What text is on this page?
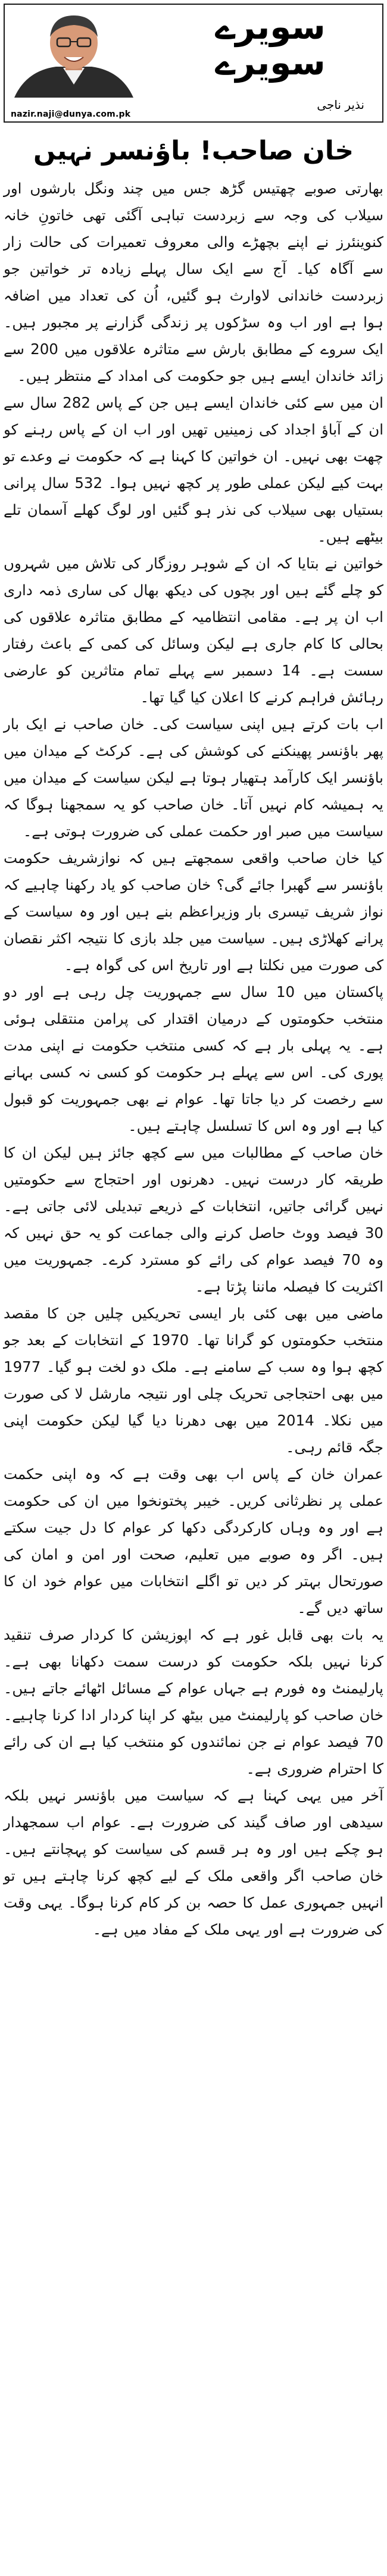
سویرے
سویرے
نذیر ناجی
nazir.naji@dunya.com.pk
خان صاحب! باؤنسر نہیں

بھارتی صوبے چھتیس گڑھ جس میں چند ونگل بارشوں اور سیلاب کی وجہ سے زبردست تباہی آگئی تھی خاتونِ خانہ کنوینئرز نے اپنے بچھڑے والی معروف تعمیرات کی حالت زار سے آگاہ کیا۔ آج سے ایک سال پہلے زیادہ تر خواتین جو زبردست خاندانی لاوارث ہو گئیں، اُن کی تعداد میں اضافہ ہوا ہے اور اب وہ سڑکوں پر زندگی گزارنے پر مجبور ہیں۔ ایک سروے کے مطابق بارش سے متاثرہ علاقوں میں 200 سے زائد خاندان ایسے ہیں جو حکومت کی امداد کے منتظر ہیں۔

ان میں سے کئی خاندان ایسے ہیں جن کے پاس 282 سال سے ان کے آباؤ اجداد کی زمینیں تھیں اور اب ان کے پاس رہنے کو چھت بھی نہیں۔ ان خواتین کا کہنا ہے کہ حکومت نے وعدے تو بہت کیے لیکن عملی طور پر کچھ نہیں ہوا۔ 532 سال پرانی بستیاں بھی سیلاب کی نذر ہو گئیں اور لوگ کھلے آسمان تلے بیٹھے ہیں۔

خواتین نے بتایا کہ ان کے شوہر روزگار کی تلاش میں شہروں کو چلے گئے ہیں اور بچوں کی دیکھ بھال کی ساری ذمہ داری اب ان پر ہے۔ مقامی انتظامیہ کے مطابق متاثرہ علاقوں کی بحالی کا کام جاری ہے لیکن وسائل کی کمی کے باعث رفتار سست ہے۔ 14 دسمبر سے پہلے تمام متاثرین کو عارضی رہائش فراہم کرنے کا اعلان کیا گیا تھا۔

اب بات کرتے ہیں اپنی سیاست کی۔ خان صاحب نے ایک بار پھر باؤنسر پھینکنے کی کوشش کی ہے۔ کرکٹ کے میدان میں باؤنسر ایک کارآمد ہتھیار ہوتا ہے لیکن سیاست کے میدان میں یہ ہمیشہ کام نہیں آتا۔ خان صاحب کو یہ سمجھنا ہوگا کہ سیاست میں صبر اور حکمت عملی کی ضرورت ہوتی ہے۔

کیا خان صاحب واقعی سمجھتے ہیں کہ نوازشریف حکومت باؤنسر سے گھبرا جائے گی؟ خان صاحب کو یاد رکھنا چاہیے کہ نواز شریف تیسری بار وزیراعظم بنے ہیں اور وہ سیاست کے پرانے کھلاڑی ہیں۔ سیاست میں جلد بازی کا نتیجہ اکثر نقصان کی صورت میں نکلتا ہے اور تاریخ اس کی گواہ ہے۔

پاکستان میں 10 سال سے جمہوریت چل رہی ہے اور دو منتخب حکومتوں کے درمیان اقتدار کی پرامن منتقلی ہوئی ہے۔ یہ پہلی بار ہے کہ کسی منتخب حکومت نے اپنی مدت پوری کی۔ اس سے پہلے ہر حکومت کو کسی نہ کسی بہانے سے رخصت کر دیا جاتا تھا۔ عوام نے بھی جمہوریت کو قبول کیا ہے اور وہ اس کا تسلسل چاہتے ہیں۔

خان صاحب کے مطالبات میں سے کچھ جائز ہیں لیکن ان کا طریقہ کار درست نہیں۔ دھرنوں اور احتجاج سے حکومتیں نہیں گرائی جاتیں، انتخابات کے ذریعے تبدیلی لائی جاتی ہے۔ 30 فیصد ووٹ حاصل کرنے والی جماعت کو یہ حق نہیں کہ وہ 70 فیصد عوام کی رائے کو مسترد کرے۔ جمہوریت میں اکثریت کا فیصلہ ماننا پڑتا ہے۔

ماضی میں بھی کئی بار ایسی تحریکیں چلیں جن کا مقصد منتخب حکومتوں کو گرانا تھا۔ 1970 کے انتخابات کے بعد جو کچھ ہوا وہ سب کے سامنے ہے۔ ملک دو لخت ہو گیا۔ 1977 میں بھی احتجاجی تحریک چلی اور نتیجہ مارشل لا کی صورت میں نکلا۔ 2014 میں بھی دھرنا دیا گیا لیکن حکومت اپنی جگہ قائم رہی۔

عمران خان کے پاس اب بھی وقت ہے کہ وہ اپنی حکمت عملی پر نظرثانی کریں۔ خیبر پختونخوا میں ان کی حکومت ہے اور وہ وہاں کارکردگی دکھا کر عوام کا دل جیت سکتے ہیں۔ اگر وہ صوبے میں تعلیم، صحت اور امن و امان کی صورتحال بہتر کر دیں تو اگلے انتخابات میں عوام خود ان کا ساتھ دیں گے۔

یہ بات بھی قابل غور ہے کہ اپوزیشن کا کردار صرف تنقید کرنا نہیں بلکہ حکومت کو درست سمت دکھانا بھی ہے۔ پارلیمنٹ وہ فورم ہے جہاں عوام کے مسائل اٹھائے جاتے ہیں۔ خان صاحب کو پارلیمنٹ میں بیٹھ کر اپنا کردار ادا کرنا چاہیے۔ 70 فیصد عوام نے جن نمائندوں کو منتخب کیا ہے ان کی رائے کا احترام ضروری ہے۔

آخر میں یہی کہنا ہے کہ سیاست میں باؤنسر نہیں بلکہ سیدھی اور صاف گیند کی ضرورت ہے۔ عوام اب سمجھدار ہو چکے ہیں اور وہ ہر قسم کی سیاست کو پہچانتے ہیں۔ خان صاحب اگر واقعی ملک کے لیے کچھ کرنا چاہتے ہیں تو انہیں جمہوری عمل کا حصہ بن کر کام کرنا ہوگا۔ یہی وقت کی ضرورت ہے اور یہی ملک کے مفاد میں ہے۔
